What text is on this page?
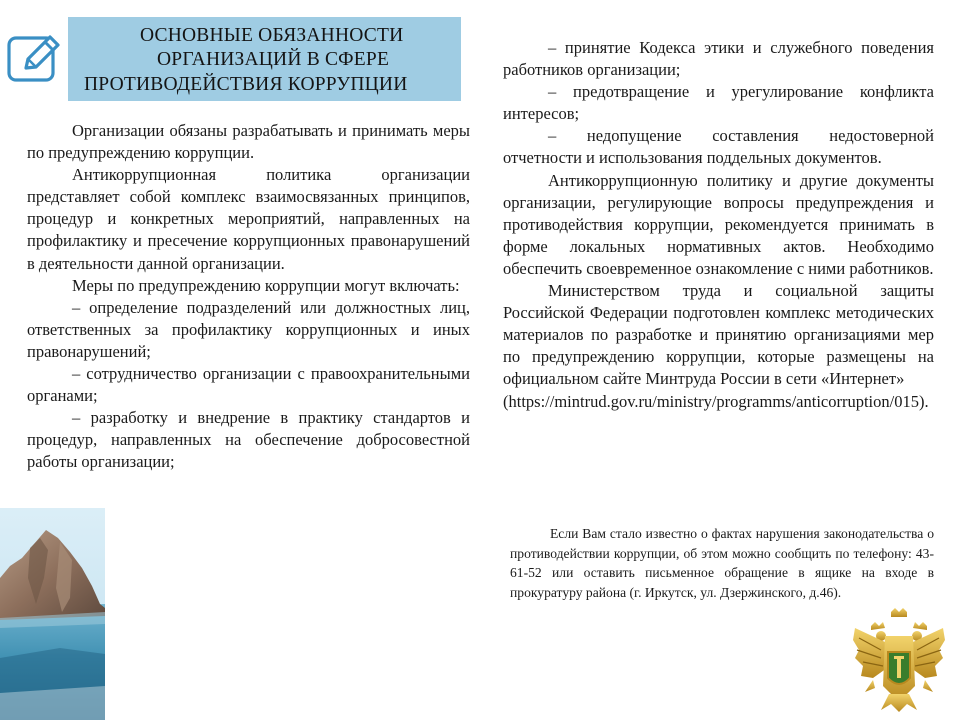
ОСНОВНЫЕ ОБЯЗАННОСТИ
ОРГАНИЗАЦИЙ В СФЕРЕ
ПРОТИВОДЕЙСТВИЯ КОРРУПЦИИ

Организации обязаны разрабатывать и принимать меры по предупреждению коррупции.

Антикоррупционная политика организации представляет собой комплекс взаимосвязанных принципов, процедур и конкретных мероприятий, направленных на профилактику и пресечение коррупционных правонарушений в деятельности данной организации.

Меры по предупреждению коррупции могут включать:

– определение подразделений или должностных лиц, ответственных за профилактику коррупционных и иных правонарушений;

– сотрудничество организации с правоохранительными органами;

– разработку и внедрение в практику стандартов и процедур, направленных на обеспечение добросовестной работы организации;

– принятие Кодекса этики и служебного поведения работников организации;

– предотвращение и урегулирование конфликта интересов;

– недопущение составления недостоверной отчетности и использования поддельных документов.

Антикоррупционную политику и другие документы организации, регулирующие вопросы предупреждения и противодействия коррупции, рекомендуется принимать в форме локальных нормативных актов. Необходимо обеспечить своевременное ознакомление с ними работников.

Министерством труда и социальной защиты Российской Федерации подготовлен комплекс методических материалов по разработке и принятию организациями мер по предупреждению коррупции, которые размещены на официальном сайте Минтруда России в сети «Интернет»

(https://mintrud.gov.ru/ministry/programms/anticorruption/015).

Если Вам стало известно о фактах нарушения законодательства о противодействии коррупции, об этом можно сообщить по телефону: 43-61-52 или оставить письменное обращение в ящике на входе в прокуратуру района (г. Иркутск, ул. Дзержинского, д.46).
